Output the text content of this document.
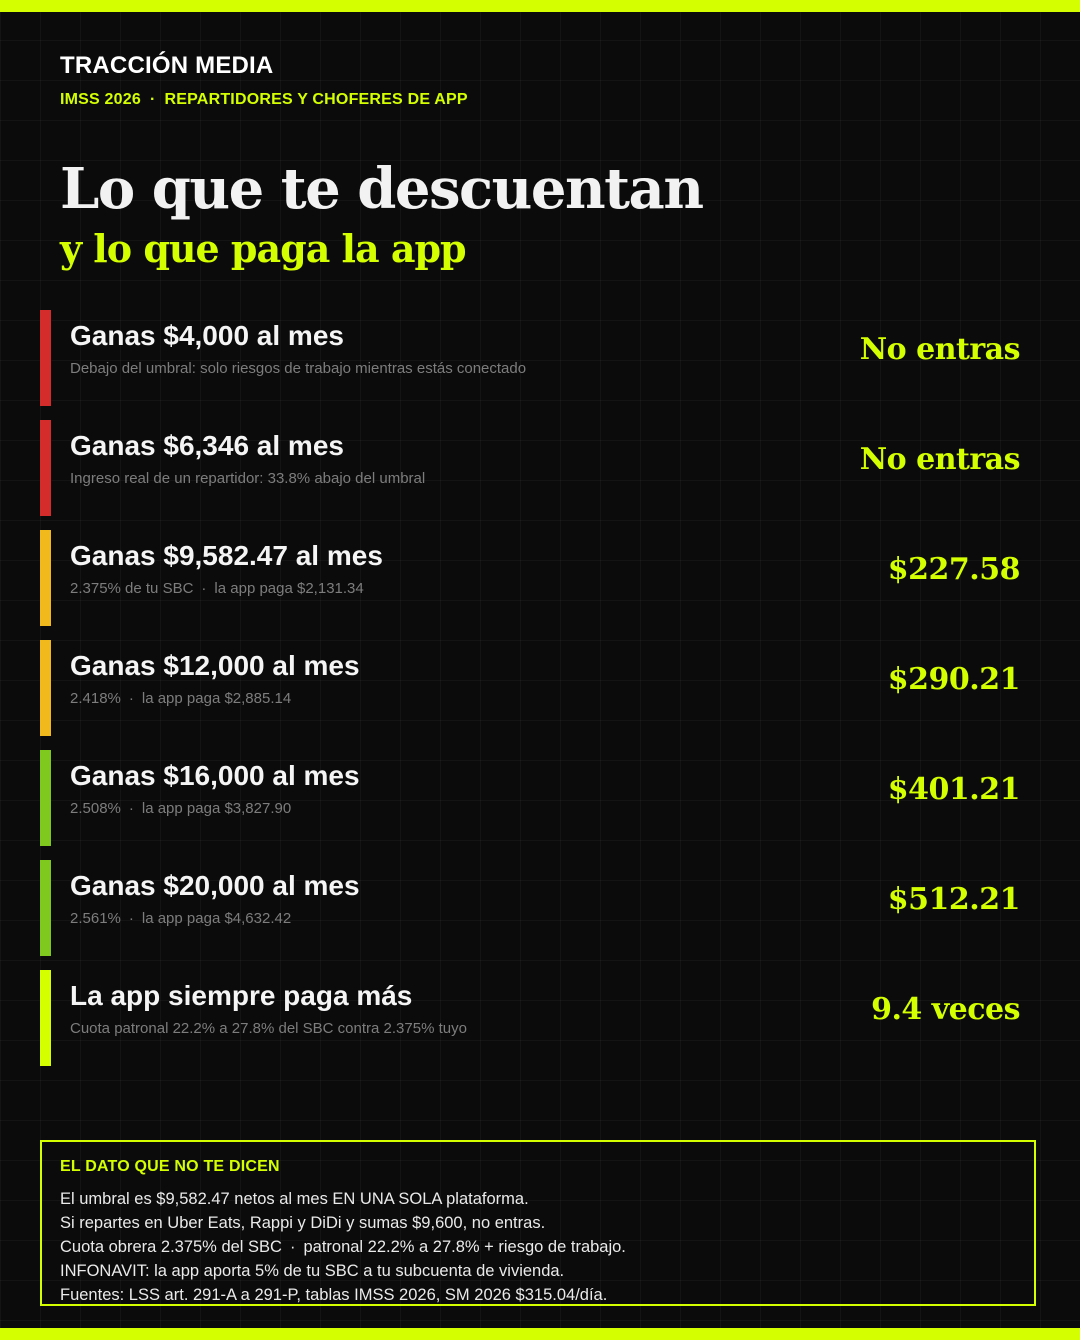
TRACCIÓN MEDIA
IMSS 2026 · REPARTIDORES Y CHOFERES DE APP
Lo que te descuentan
y lo que paga la app
Ganas $4,000 al mes
Debajo del umbral: solo riesgos de trabajo mientras estás conectado
No entras
Ganas $6,346 al mes
Ingreso real de un repartidor: 33.8% abajo del umbral
No entras
Ganas $9,582.47 al mes
2.375% de tu SBC · la app paga $2,131.34
$227.58
Ganas $12,000 al mes
2.418% · la app paga $2,885.14
$290.21
Ganas $16,000 al mes
2.508% · la app paga $3,827.90
$401.21
Ganas $20,000 al mes
2.561% · la app paga $4,632.42
$512.21
La app siempre paga más
Cuota patronal 22.2% a 27.8% del SBC contra 2.375% tuyo
9.4 veces
EL DATO QUE NO TE DICEN
El umbral es $9,582.47 netos al mes EN UNA SOLA plataforma.
Si repartes en Uber Eats, Rappi y DiDi y sumas $9,600, no entras.
Cuota obrera 2.375% del SBC · patronal 22.2% a 27.8% + riesgo de trabajo.
INFONAVIT: la app aporta 5% de tu SBC a tu subcuenta de vivienda.
Fuentes: LSS art. 291-A a 291-P, tablas IMSS 2026, SM 2026 $315.04/día.
